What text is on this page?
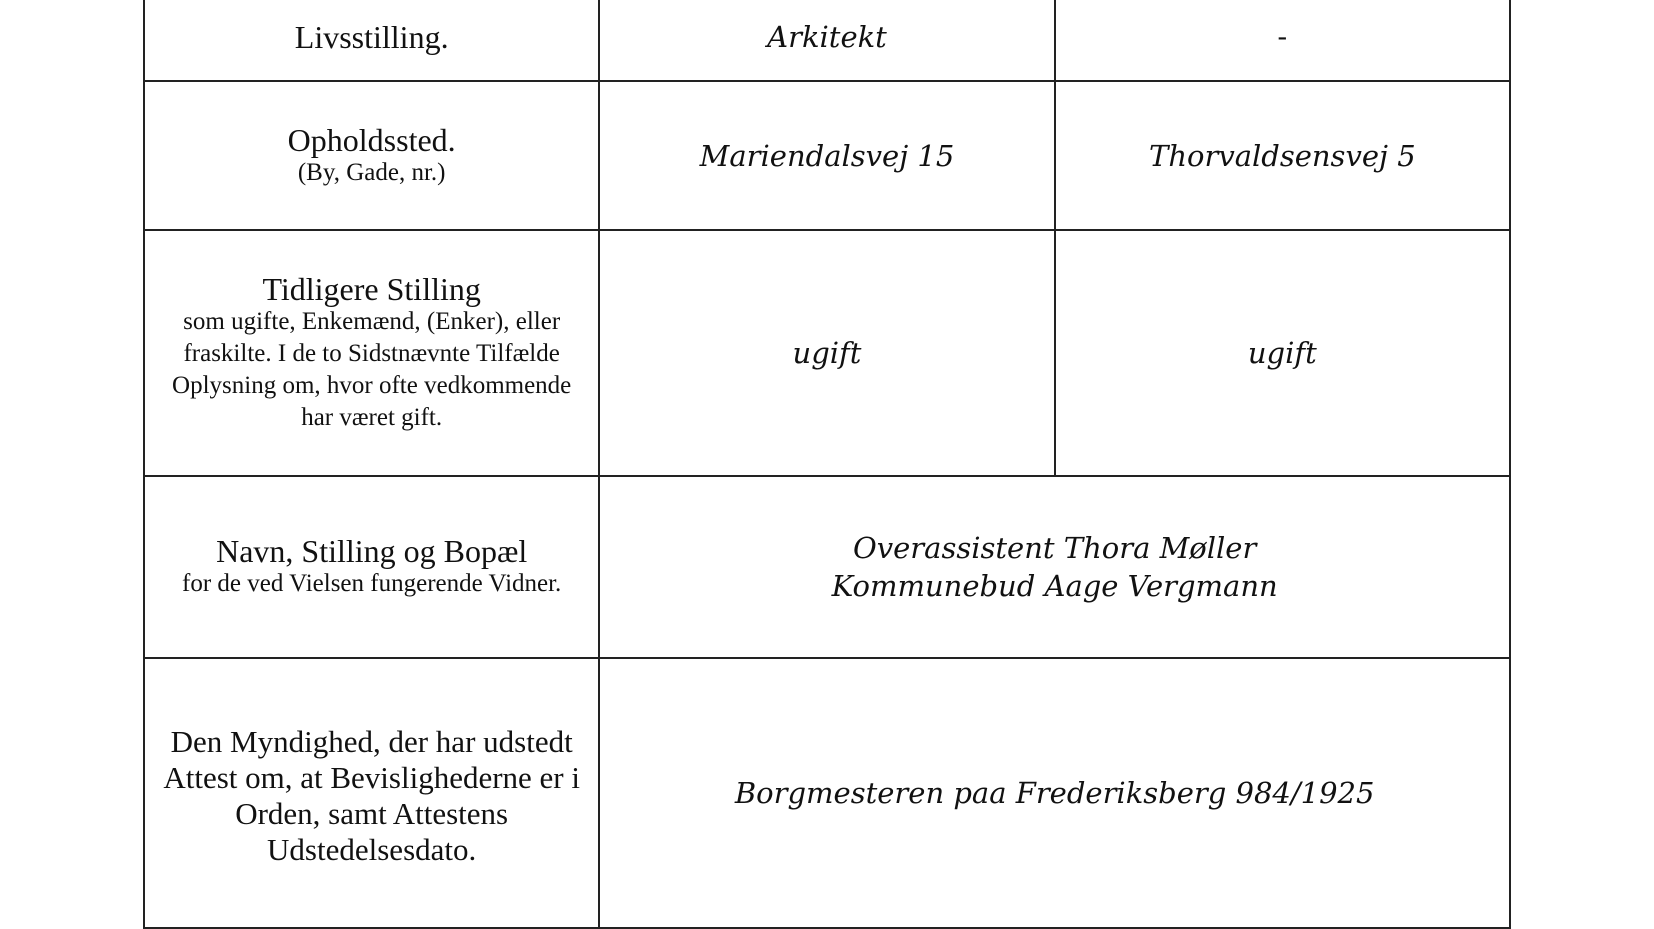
Livsstilling.	Arkitekt	-

Opholdssted.
(By, Gade, nr.)	Mariendalsvej 15	Thorvaldsensvej 5

Tidligere Stilling
som ugifte, Enkemænd, (Enker), eller fraskilte. I de to Sidstnævnte Tilfælde Oplysning om, hvor ofte vedkommende har været gift.	ugift	ugift

Navn, Stilling og Bopæl
for de ved Vielsen fungerende Vidner.	Overassistent Thora Møller
Kommunebud Aage Vergmann	

Den Myndighed, der har udstedt Attest om, at Bevislighederne er i Orden, samt Attestens Udstedelsesdato.	Borgmesteren paa Frederiksberg 984/1925	
